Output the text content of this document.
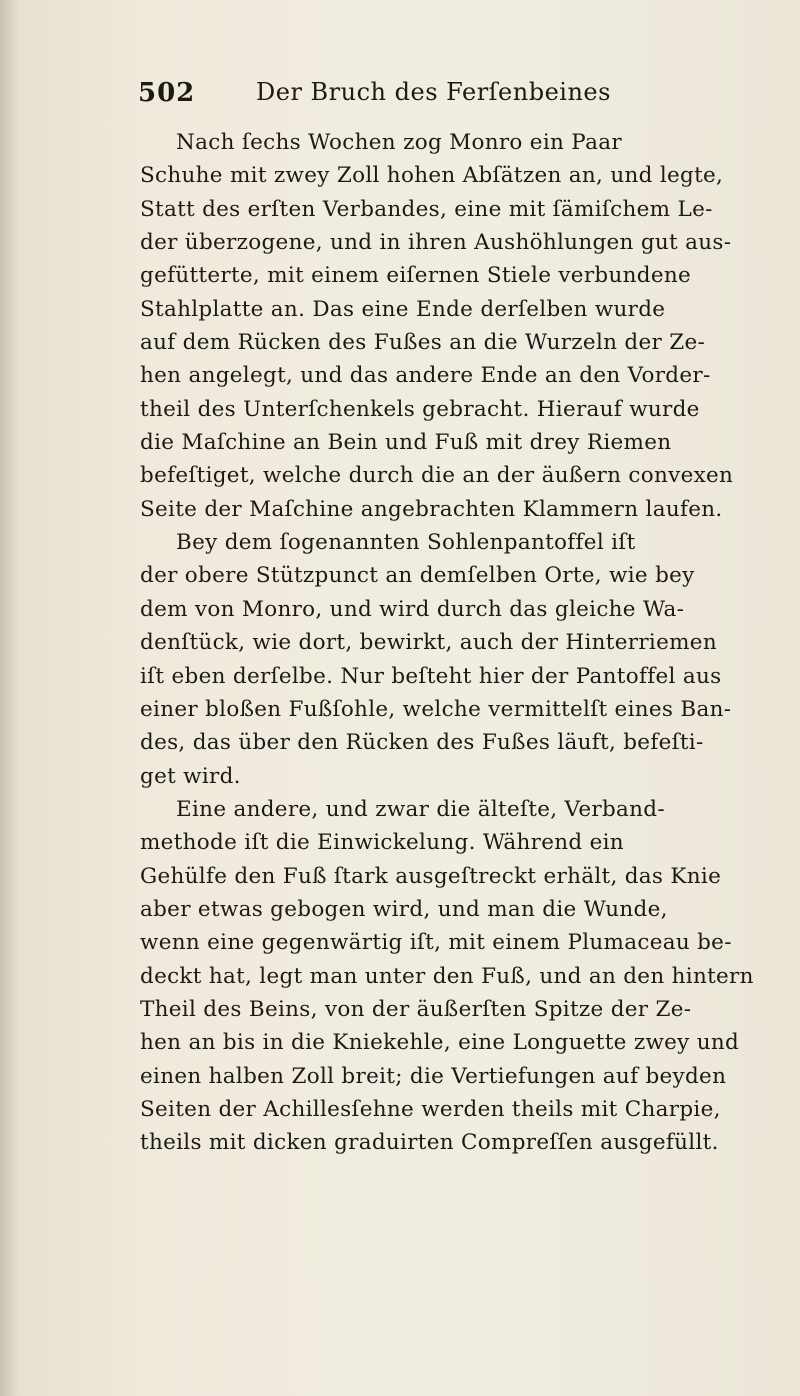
502	Der Bruch des Ferſenbeines

Nach ſechs Wochen zog Monro ein Paar
Schuhe mit zwey Zoll hohen Abſätzen an, und legte,
Statt des erſten Verbandes, eine mit ſämiſchem Le-
der überzogene, und in ihren Aushöhlungen gut aus-
gefütterte, mit einem eiſernen Stiele verbundene
Stahlplatte an. Das eine Ende derſelben wurde
auf dem Rücken des Fußes an die Wurzeln der Ze-
hen angelegt, und das andere Ende an den Vorder-
theil des Unterſchenkels gebracht. Hierauf wurde
die Maſchine an Bein und Fuß mit drey Riemen
befeſtiget, welche durch die an der äußern convexen
Seite der Maſchine angebrachten Klammern laufen.

Bey dem ſogenannten Sohlenpantoffel iſt
der obere Stützpunct an demſelben Orte, wie bey
dem von Monro, und wird durch das gleiche Wa-
denſtück, wie dort, bewirkt, auch der Hinterriemen
iſt eben derſelbe. Nur beſteht hier der Pantoffel aus
einer bloßen Fußſohle, welche vermittelſt eines Ban-
des, das über den Rücken des Fußes läuft, befeſti-
get wird.

Eine andere, und zwar die älteſte, Verband-
methode iſt die Einwickelung. Während ein
Gehülfe den Fuß ſtark ausgeſtreckt erhält, das Knie
aber etwas gebogen wird, und man die Wunde,
wenn eine gegenwärtig iſt, mit einem Plumaceau be-
deckt hat, legt man unter den Fuß, und an den hintern
Theil des Beins, von der äußerſten Spitze der Ze-
hen an bis in die Kniekehle, eine Longuette zwey und
einen halben Zoll breit; die Vertiefungen auf beyden
Seiten der Achillesſehne werden theils mit Charpie,
theils mit dicken graduirten Compreſſen ausgefüllt.
